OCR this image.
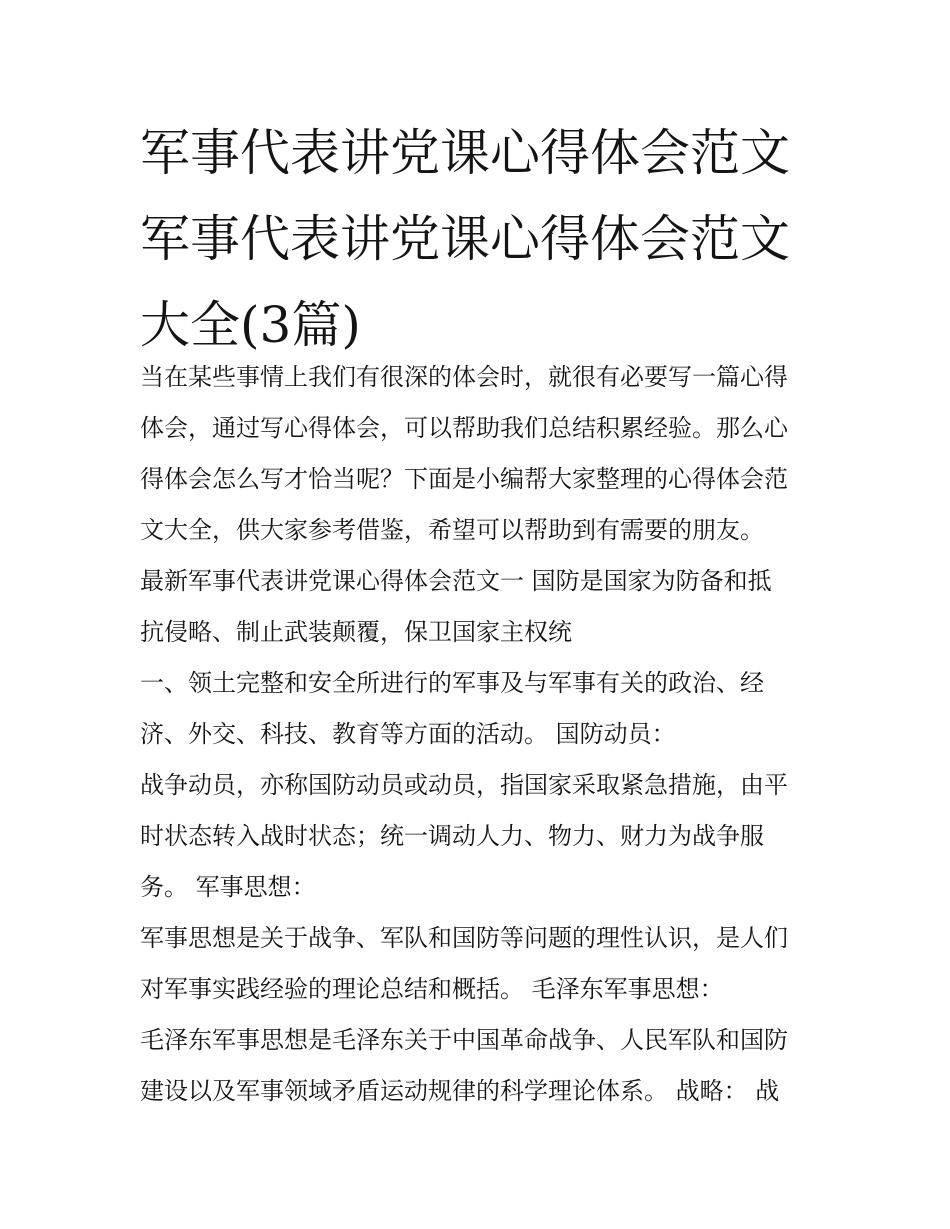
军事代表讲党课心得体会范文
军事代表讲党课心得体会范文
大全(3篇)
当在某些事情上我们有很深的体会时，就很有必要写一篇心得
体会，通过写心得体会，可以帮助我们总结积累经验。那么心
得体会怎么写才恰当呢？下面是小编帮大家整理的心得体会范
文大全，供大家参考借鉴，希望可以帮助到有需要的朋友。
最新军事代表讲党课心得体会范文一 国防是国家为防备和抵
抗侵略、制止武装颠覆，保卫国家主权统
一、领土完整和安全所进行的军事及与军事有关的政治、经
济、外交、科技、教育等方面的活动。 国防动员：
战争动员，亦称国防动员或动员，指国家采取紧急措施，由平
时状态转入战时状态；统一调动人力、物力、财力为战争服
务。 军事思想：
军事思想是关于战争、军队和国防等问题的理性认识，是人们
对军事实践经验的理论总结和概括。 毛泽东军事思想：
毛泽东军事思想是毛泽东关于中国革命战争、人民军队和国防
建设以及军事领域矛盾运动规律的科学理论体系。 战略： 战
